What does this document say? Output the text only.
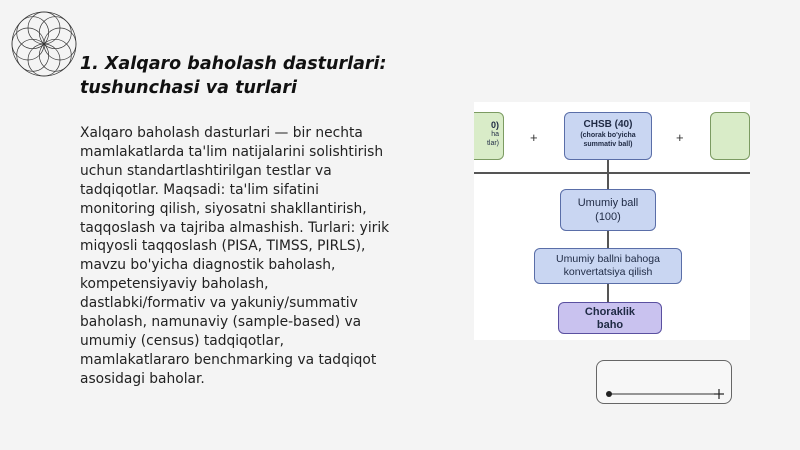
1. Xalqaro baholash dasturlari:
tushunchasi va turlari
Xalqaro baholash dasturlari — bir nechta
mamlakatlarda ta'lim natijalarini solishtirish
uchun standartlashtirilgan testlar va
tadqiqotlar. Maqsadi: ta'lim sifatini
monitoring qilish, siyosatni shakllantirish,
taqqoslash va tajriba almashish. Turlari: yirik
miqyosli taqqoslash (PISA, TIMSS, PIRLS),
mavzu bo'yicha diagnostik baholash,
kompetensiyaviy baholash,
dastlabki/formativ va yakuniy/summativ
baholash, namunaviy (sample-based) va
umumiy (census) tadqiqotlar,
mamlakatlararo benchmarking va tadqiqot
asosidagi baholar.
0)
ha
tlar) +
CHSB (40)
(chorak bo'yicha
summativ ball)	+
Umumiy ball
(100)
Umumiy ballni bahoga
konvertatsiya qilish
Choraklik
baho
